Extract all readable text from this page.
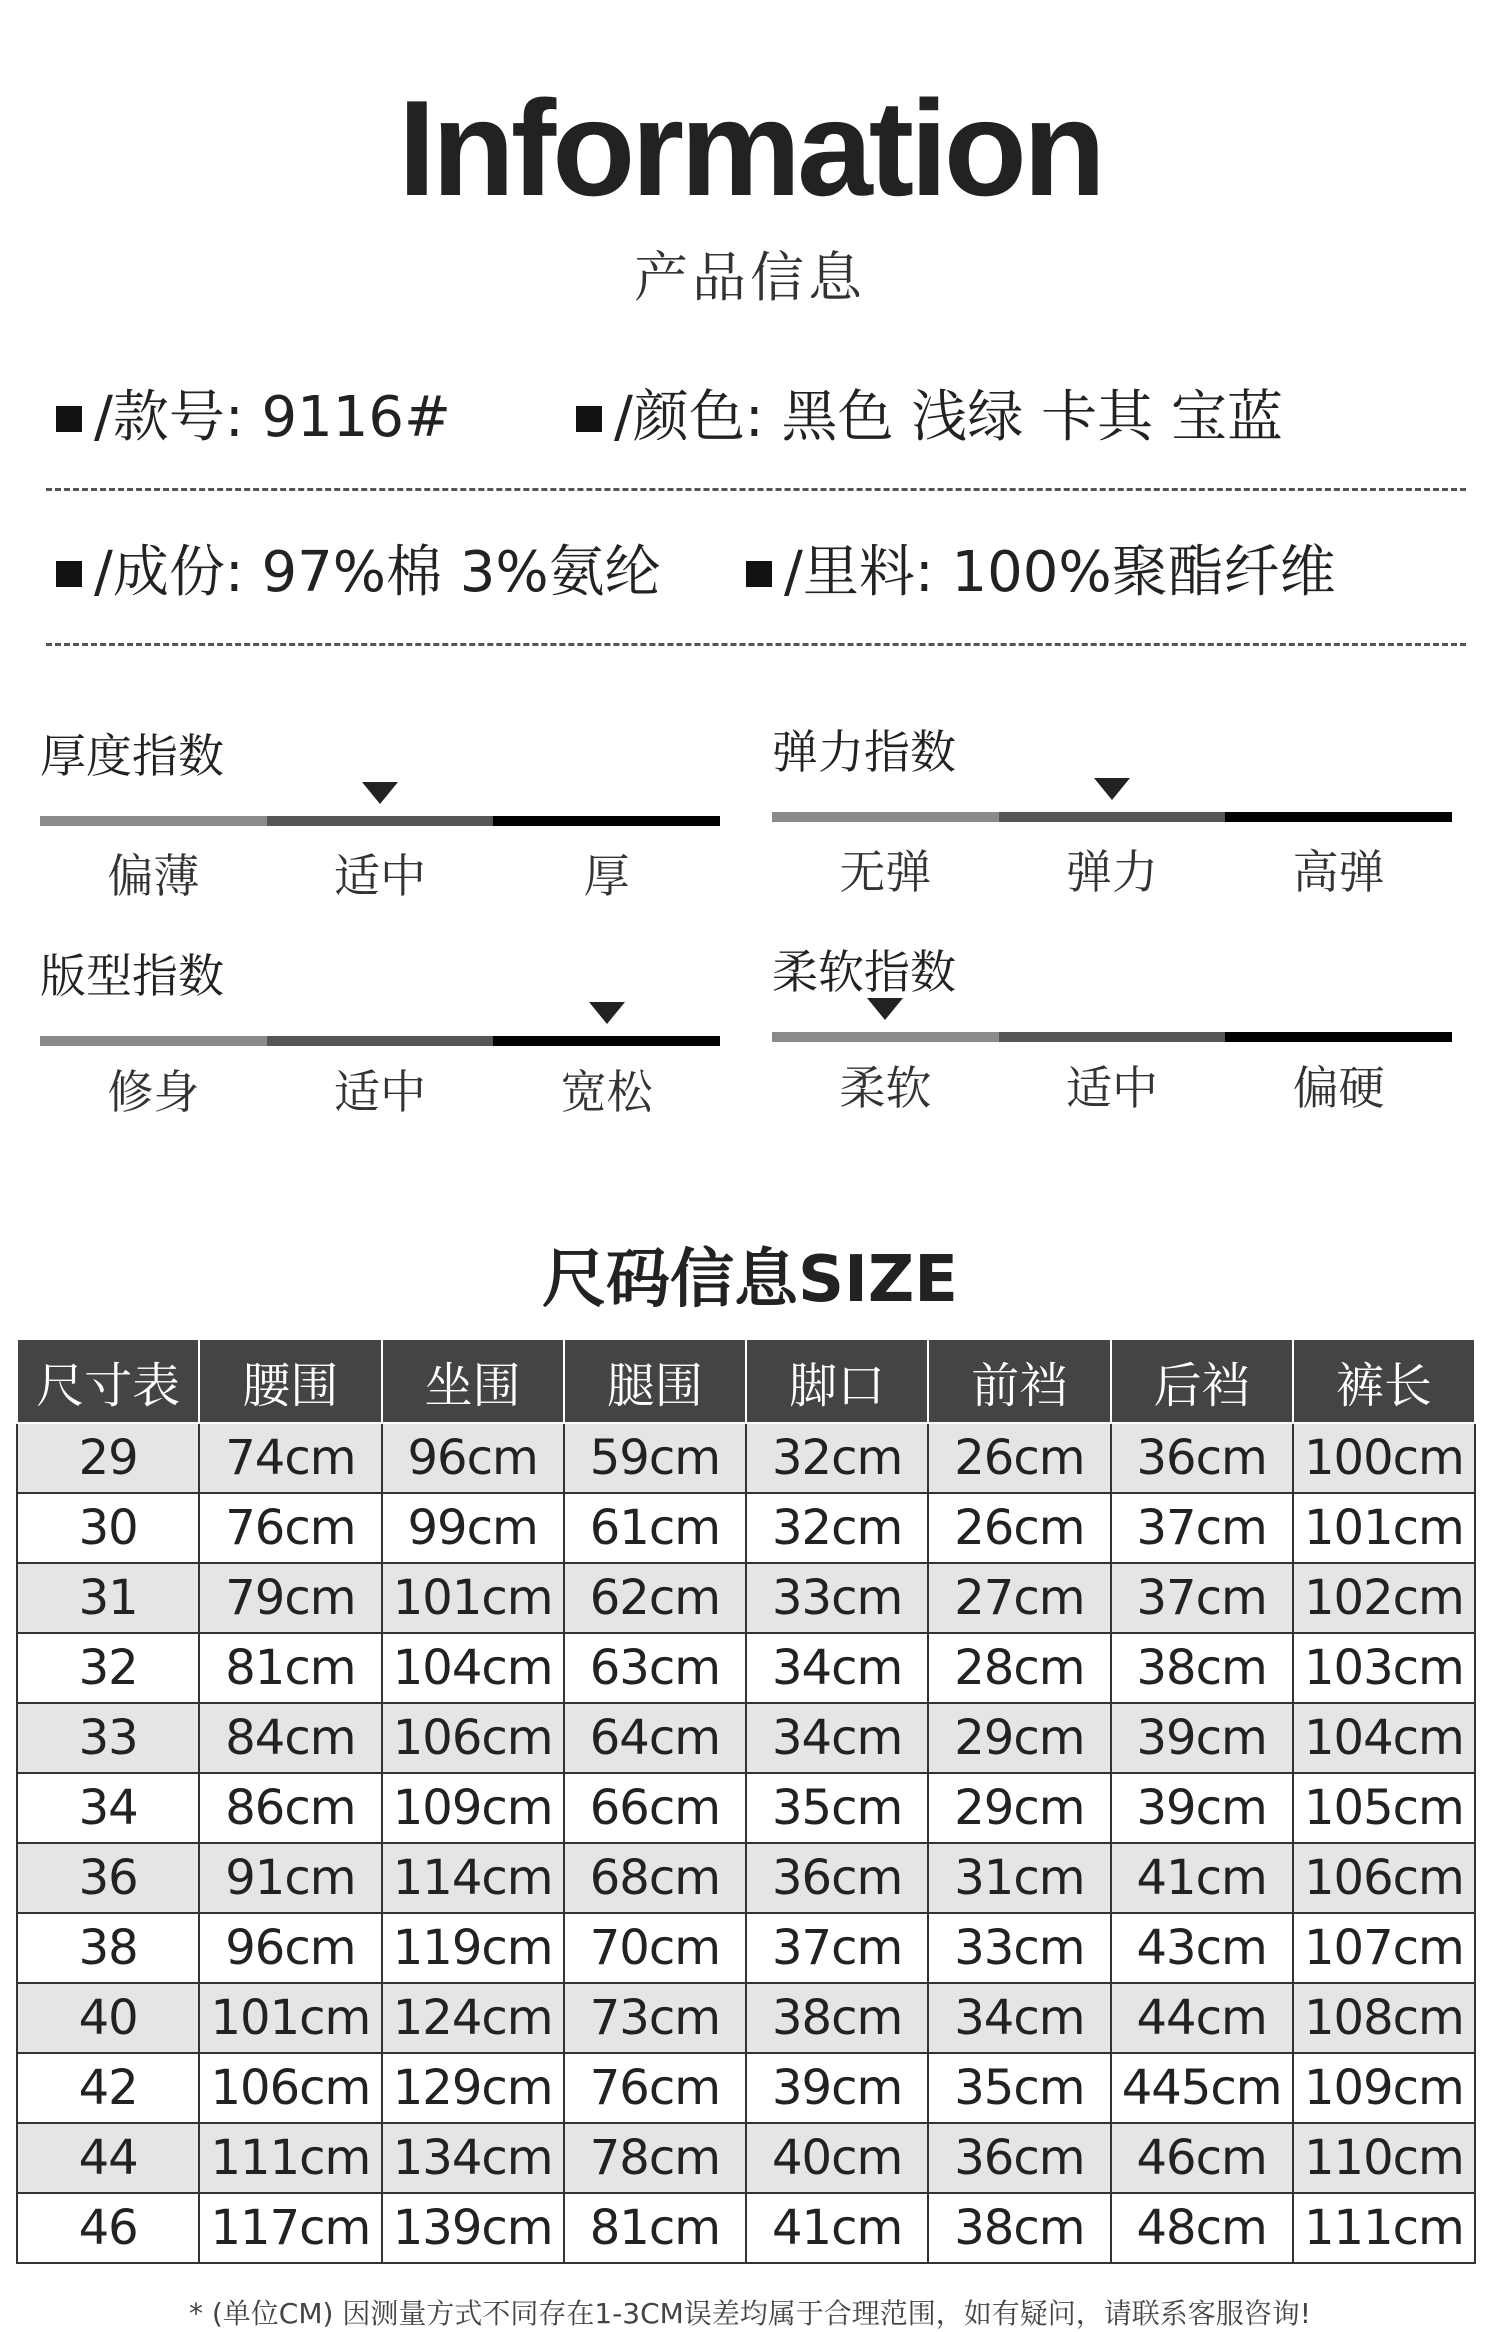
Information
产品信息
/款号: 9116#	/颜色: 黑色 浅绿 卡其 宝蓝
/成份: 97%棉 3%氨纶	/里料: 100%聚酯纤维
厚度指数
偏薄	适中	厚
弹力指数
无弹	弹力	高弹
版型指数
修身	适中	宽松
柔软指数
柔软	适中	偏硬
尺码信息SIZE
尺寸表	腰围	坐围	腿围	脚口	前裆	后裆	裤长
29	74cm	96cm	59cm	32cm	26cm	36cm	100cm
30	76cm	99cm	61cm	32cm	26cm	37cm	101cm
31	79cm	101cm	62cm	33cm	27cm	37cm	102cm
32	81cm	104cm	63cm	34cm	28cm	38cm	103cm
33	84cm	106cm	64cm	34cm	29cm	39cm	104cm
34	86cm	109cm	66cm	35cm	29cm	39cm	105cm
36	91cm	114cm	68cm	36cm	31cm	41cm	106cm
38	96cm	119cm	70cm	37cm	33cm	43cm	107cm
40	101cm	124cm	73cm	38cm	34cm	44cm	108cm
42	106cm	129cm	76cm	39cm	35cm	445cm	109cm
44	111cm	134cm	78cm	40cm	36cm	46cm	110cm
46	117cm	139cm	81cm	41cm	38cm	48cm	111cm
* (单位CM) 因测量方式不同存在1-3CM误差均属于合理范围，如有疑问，请联系客服咨询!
